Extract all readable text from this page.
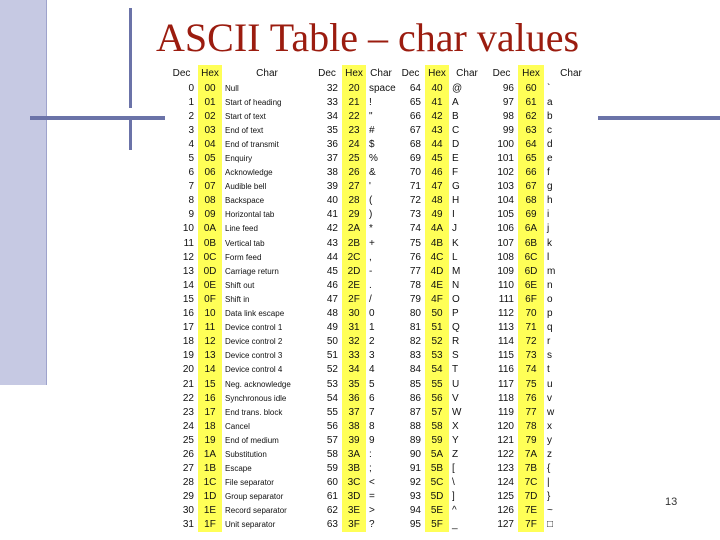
ASCII Table – char values
Dec	Hex	Char	Dec	Hex	Char	Dec	Hex	Char	Dec	Hex	Char
0	00	Null	32	20	space	64	40	@	96	60	`
1	01	Start of heading	33	21	!	65	41	A	97	61	a
2	02	Start of text	34	22	"	66	42	B	98	62	b
3	03	End of text	35	23	#	67	43	C	99	63	c
4	04	End of transmit	36	24	$	68	44	D	100	64	d
5	05	Enquiry	37	25	%	69	45	E	101	65	e
6	06	Acknowledge	38	26	&	70	46	F	102	66	f
7	07	Audible bell	39	27	'	71	47	G	103	67	g
8	08	Backspace	40	28	(	72	48	H	104	68	h
9	09	Horizontal tab	41	29	)	73	49	I	105	69	i
10	0A	Line feed	42	2A	*	74	4A	J	106	6A	j
11	0B	Vertical tab	43	2B	+	75	4B	K	107	6B	k
12	0C	Form feed	44	2C	,	76	4C	L	108	6C	l
13	0D	Carriage return	45	2D	-	77	4D	M	109	6D	m
14	0E	Shift out	46	2E	.	78	4E	N	110	6E	n
15	0F	Shift in	47	2F	/	79	4F	O	111	6F	o
16	10	Data link escape	48	30	0	80	50	P	112	70	p
17	11	Device control 1	49	31	1	81	51	Q	113	71	q
18	12	Device control 2	50	32	2	82	52	R	114	72	r
19	13	Device control 3	51	33	3	83	53	S	115	73	s
20	14	Device control 4	52	34	4	84	54	T	116	74	t
21	15	Neg. acknowledge	53	35	5	85	55	U	117	75	u
22	16	Synchronous idle	54	36	6	86	56	V	118	76	v
23	17	End trans. block	55	37	7	87	57	W	119	77	w
24	18	Cancel	56	38	8	88	58	X	120	78	x
25	19	End of medium	57	39	9	89	59	Y	121	79	y
26	1A	Substitution	58	3A	:	90	5A	Z	122	7A	z
27	1B	Escape	59	3B	;	91	5B	[	123	7B	{
28	1C	File separator	60	3C	<	92	5C	\	124	7C	|
29	1D	Group separator	61	3D	=	93	5D	]	125	7D	}
30	1E	Record separator	62	3E	>	94	5E	^	126	7E	~
31	1F	Unit separator	63	3F	?	95	5F	_	127	7F	□
13
